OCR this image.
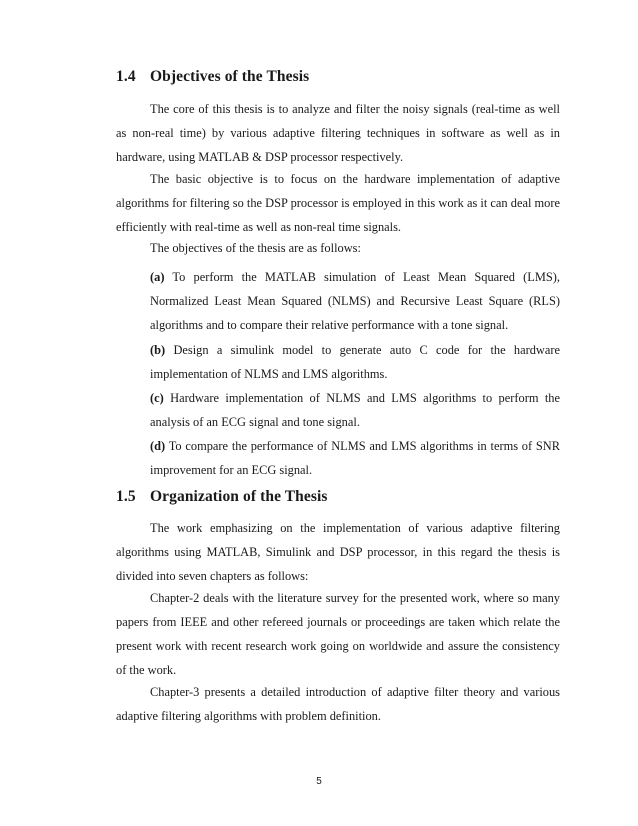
1.4 Objectives of the Thesis

The core of this thesis is to analyze and filter the noisy signals (real-time as well as non-real time) by various adaptive filtering techniques in software as well as in hardware, using MATLAB & DSP processor respectively.

The basic objective is to focus on the hardware implementation of adaptive algorithms for filtering so the DSP processor is employed in this work as it can deal more efficiently with real-time as well as non-real time signals.

The objectives of the thesis are as follows:

(a) To perform the MATLAB simulation of Least Mean Squared (LMS), Normalized Least Mean Squared (NLMS) and Recursive Least Square (RLS) algorithms and to compare their relative performance with a tone signal.

(b) Design a simulink model to generate auto C code for the hardware implementation of NLMS and LMS algorithms.

(c) Hardware implementation of NLMS and LMS algorithms to perform the analysis of an ECG signal and tone signal.

(d) To compare the performance of NLMS and LMS algorithms in terms of SNR improvement for an ECG signal.

1.5 Organization of the Thesis

The work emphasizing on the implementation of various adaptive filtering algorithms using MATLAB, Simulink and DSP processor, in this regard the thesis is divided into seven chapters as follows:

Chapter-2 deals with the literature survey for the presented work, where so many papers from IEEE and other refereed journals or proceedings are taken which relate the present work with recent research work going on worldwide and assure the consistency of the work.

Chapter-3 presents a detailed introduction of adaptive filter theory and various adaptive filtering algorithms with problem definition.

5
